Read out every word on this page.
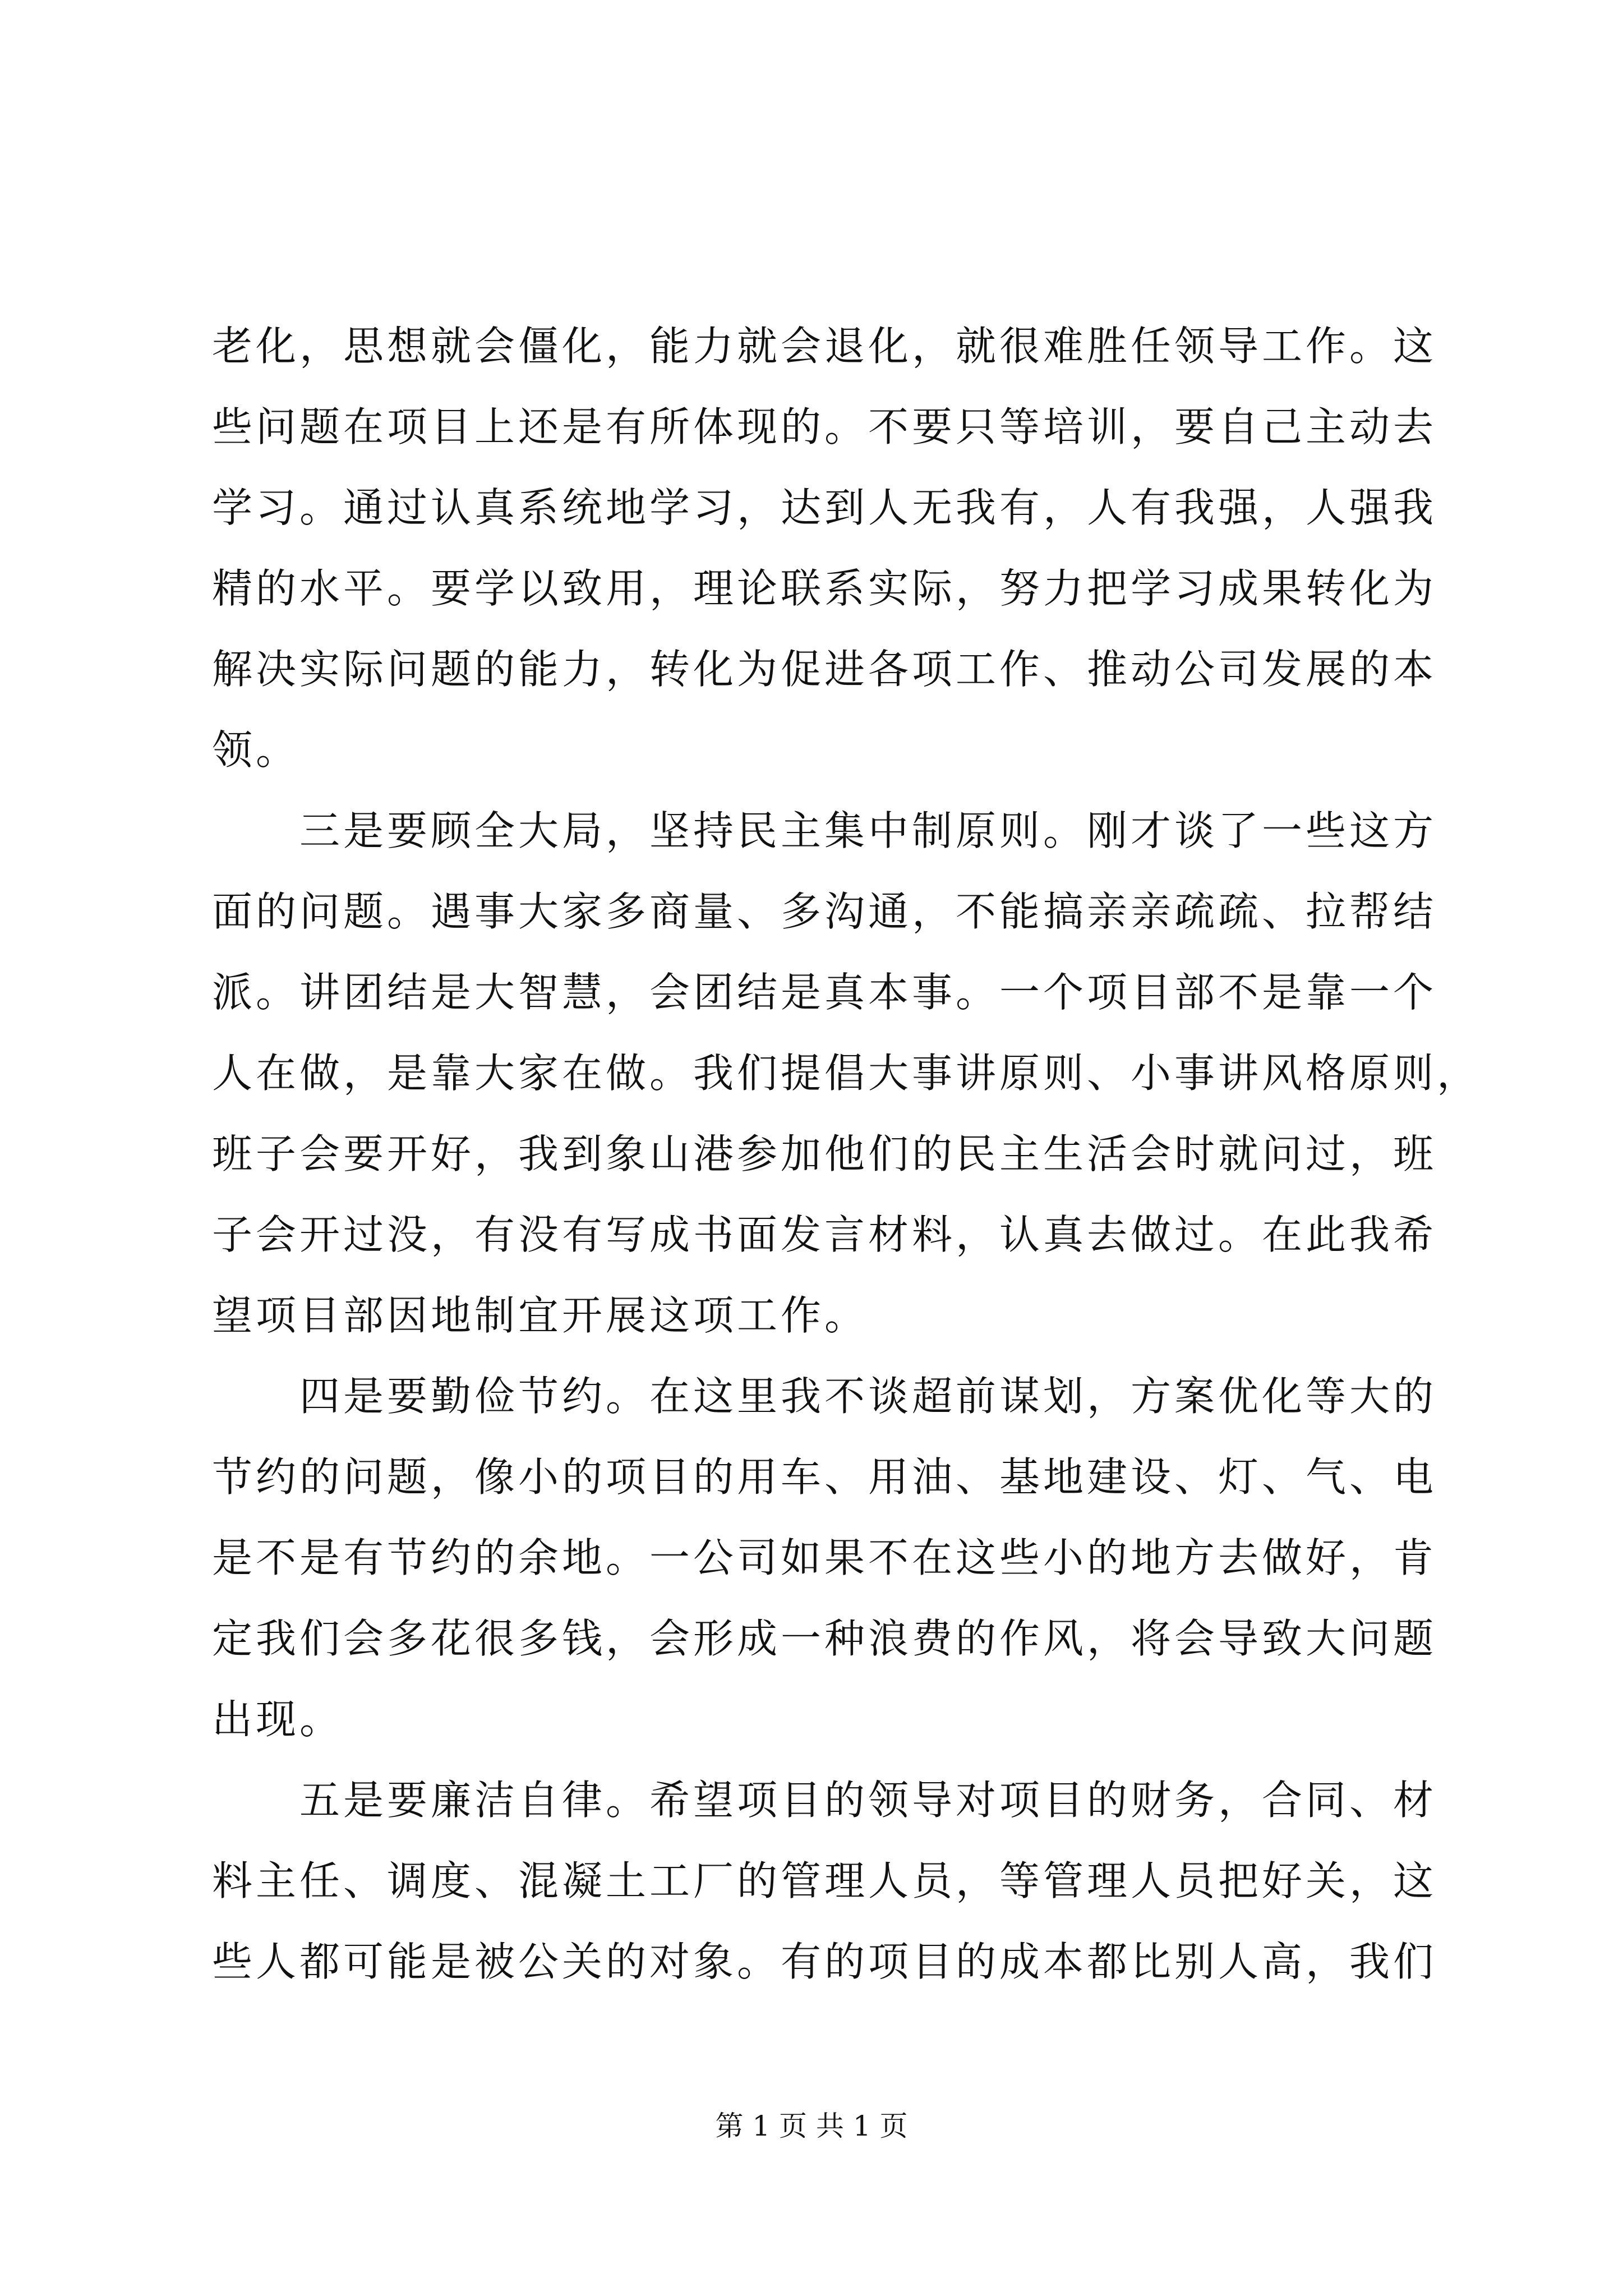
老化，思想就会僵化，能力就会退化，就很难胜任领导工作。这
些问题在项目上还是有所体现的。不要只等培训，要自己主动去
学习。通过认真系统地学习，达到人无我有，人有我强，人强我
精的水平。要学以致用，理论联系实际，努力把学习成果转化为
解决实际问题的能力，转化为促进各项工作、推动公司发展的本
领。
三是要顾全大局，坚持民主集中制原则。刚才谈了一些这方
面的问题。遇事大家多商量、多沟通，不能搞亲亲疏疏、拉帮结
派。讲团结是大智慧，会团结是真本事。一个项目部不是靠一个
人在做，是靠大家在做。我们提倡大事讲原则、小事讲风格原则，
班子会要开好，我到象山港参加他们的民主生活会时就问过，班
子会开过没，有没有写成书面发言材料，认真去做过。在此我希
望项目部因地制宜开展这项工作。
四是要勤俭节约。在这里我不谈超前谋划，方案优化等大的
节约的问题，像小的项目的用车、用油、基地建设、灯、气、电
是不是有节约的余地。一公司如果不在这些小的地方去做好，肯
定我们会多花很多钱，会形成一种浪费的作风，将会导致大问题
出现。
五是要廉洁自律。希望项目的领导对项目的财务，合同、材
料主任、调度、混凝土工厂的管理人员，等管理人员把好关，这
些人都可能是被公关的对象。有的项目的成本都比别人高，我们
第 1 页 共 1 页
